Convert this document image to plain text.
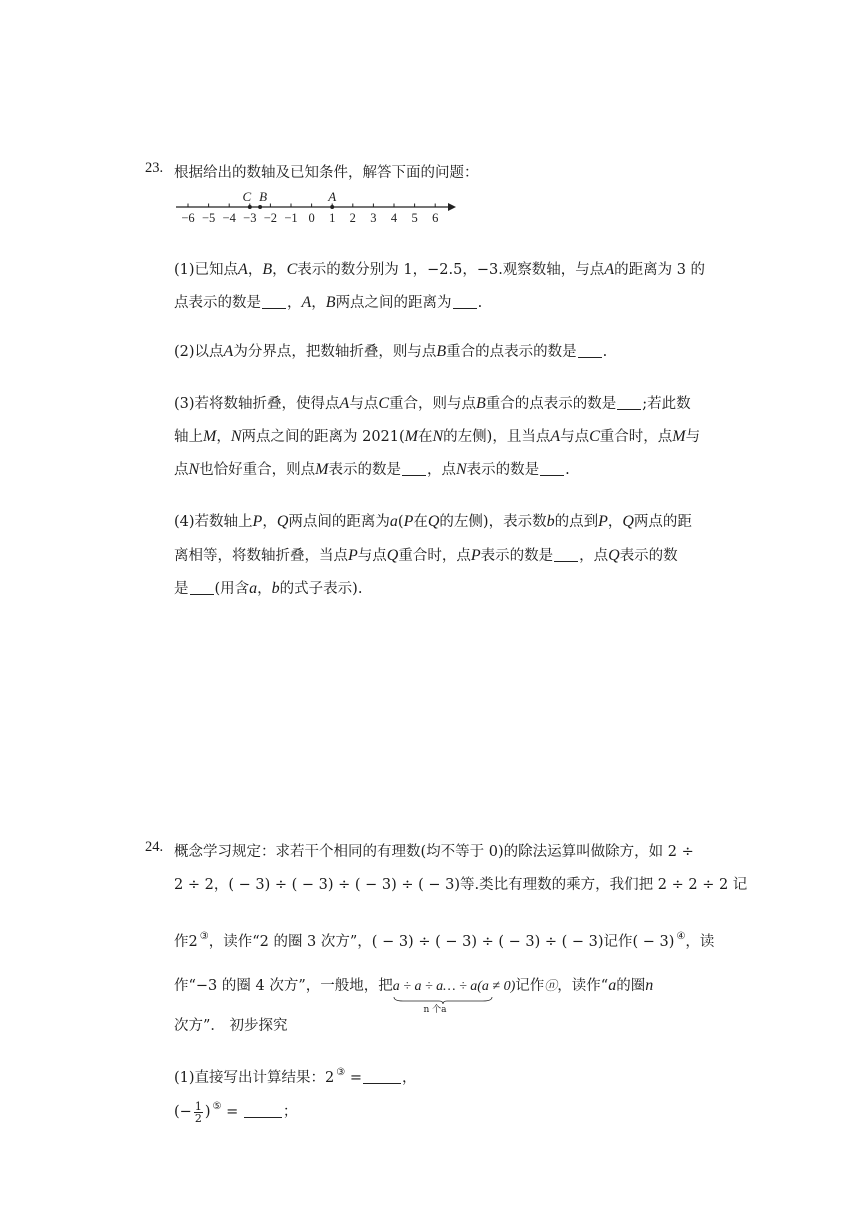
23. 根据给出的数轴及已知条件，解答下面的问题：
−6 −5 −4 −3 −2 −1 0 1 2 3 4 5 6
C B	A
(1)已知点A，B，C表示的数分别为 1，−2.5，−3.观察数轴，与点A的距离为 3 的
点表示的数是 ，A，B两点之间的距离为 .
(2)以点A为分界点，把数轴折叠，则与点B重合的点表示的数是 .
(3)若将数轴折叠，使得点A与点C重合，则与点B重合的点表示的数是 ;若此数
轴上M，N两点之间的距离为 2021(M在N的左侧)，且当点A与点C重合时，点M与
点N也恰好重合，则点M表示的数是 ，点N表示的数是 .
(4)若数轴上P，Q两点间的距离为a(P在Q的左侧)，表示数b的点到P，Q两点的距
离相等，将数轴折叠，当点P与点Q重合时，点P表示的数是 ，点Q表示的数
是 (用含a，b的式子表示).
24. 概念学习规定：求若干个相同的有理数(均不等于 0)的除法运算叫做除方，如 2 ÷
2 ÷ 2，( − 3) ÷ ( − 3) ÷ ( − 3) ÷ ( − 3)等.类比有理数的乘方，我们把 2 ÷ 2 ÷ 2 记
作2 ③，读作“2 的圈 3 次方”，( − 3) ÷ ( − 3) ÷ ( − 3) ÷ ( − 3)记作( − 3) ④，读
作“−3 的圈 4 次方”，一般地，把a ÷ a ÷ a… ÷ a
n 个a
(a ≠ 0)记作ⓝ，读作“a的圈n
次方”． 初步探究
(1)直接写出计算结果：2 ③ =	，
(− $\frac{1}{2}$ ) ⑤ =	；
